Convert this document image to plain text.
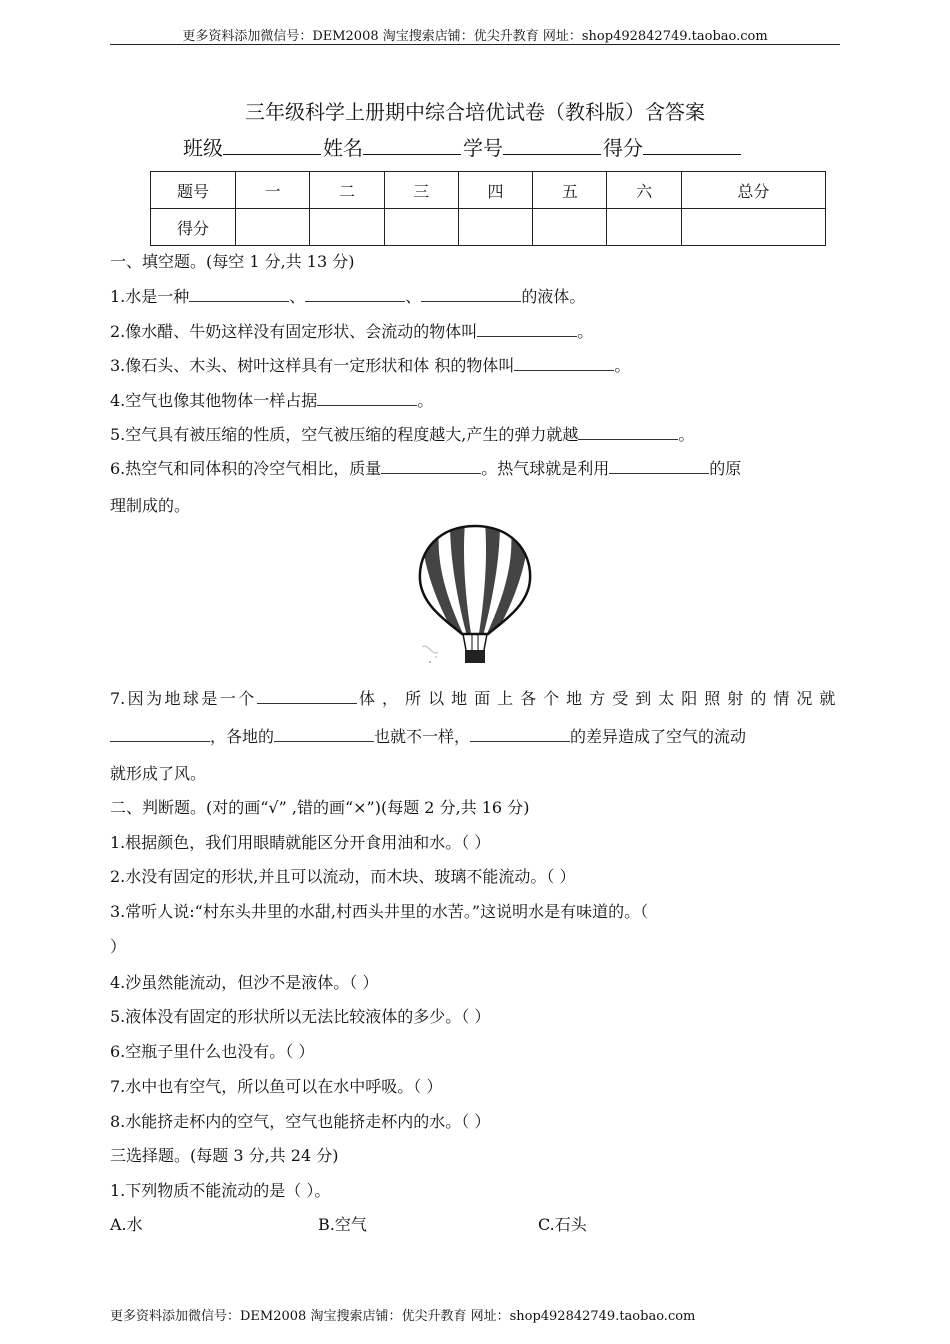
更多资料添加微信号：DEM2008 淘宝搜索店铺：优尖升教育 网址：shop492842749.taobao.com
三年级科学上册期中综合培优试卷（教科版）含答案
班级	姓名	学号	得分
题号	一	二	三	四	五	六	总分
得分							
一、填空题。(每空 1 分,共 13 分)
1.水是一种	、	、	的液体。
2.像水醋、牛奶这样没有固定形状、会流动的物体叫	。
3.像石头、木头、树叶这样具有一定形状和体 积的物体叫	。
4.空气也像其他物体一样占据	。
5.空气具有被压缩的性质，空气被压缩的程度越大,产生的弹力就越	。
6.热空气和同体积的冷空气相比，质量	。热气球就是利用	的原
理制成的。
7.因为地球是一个	体，所以地面上各个地方受到太阳照射的情况就
，各地的	也就不一样，	的差异造成了空气的流动
就形成了风。
二、判断题。(对的画“√” ,错的画“×”)(每题 2 分,共 16 分)
1.根据颜色，我们用眼睛就能区分开食用油和水。（ ）
2.水没有固定的形状,并且可以流动，而木块、玻璃不能流动。（ ）
3.常听人说:“村东头井里的水甜,村西头井里的水苦。”这说明水是有味道的。（
）
4.沙虽然能流动，但沙不是液体。（ ）
5.液体没有固定的形状所以无法比较液体的多少。（ ）
6.空瓶子里什么也没有。（ ）
7.水中也有空气，所以鱼可以在水中呼吸。（ ）
8.水能挤走杯内的空气，空气也能挤走杯内的水。（ ）
三选择题。(每题 3 分,共 24 分)
1.下列物质不能流动的是（ ）。
A.水	B.空气	C.石头
更多资料添加微信号：DEM2008 淘宝搜索店铺：优尖升教育 网址：shop492842749.taobao.com
